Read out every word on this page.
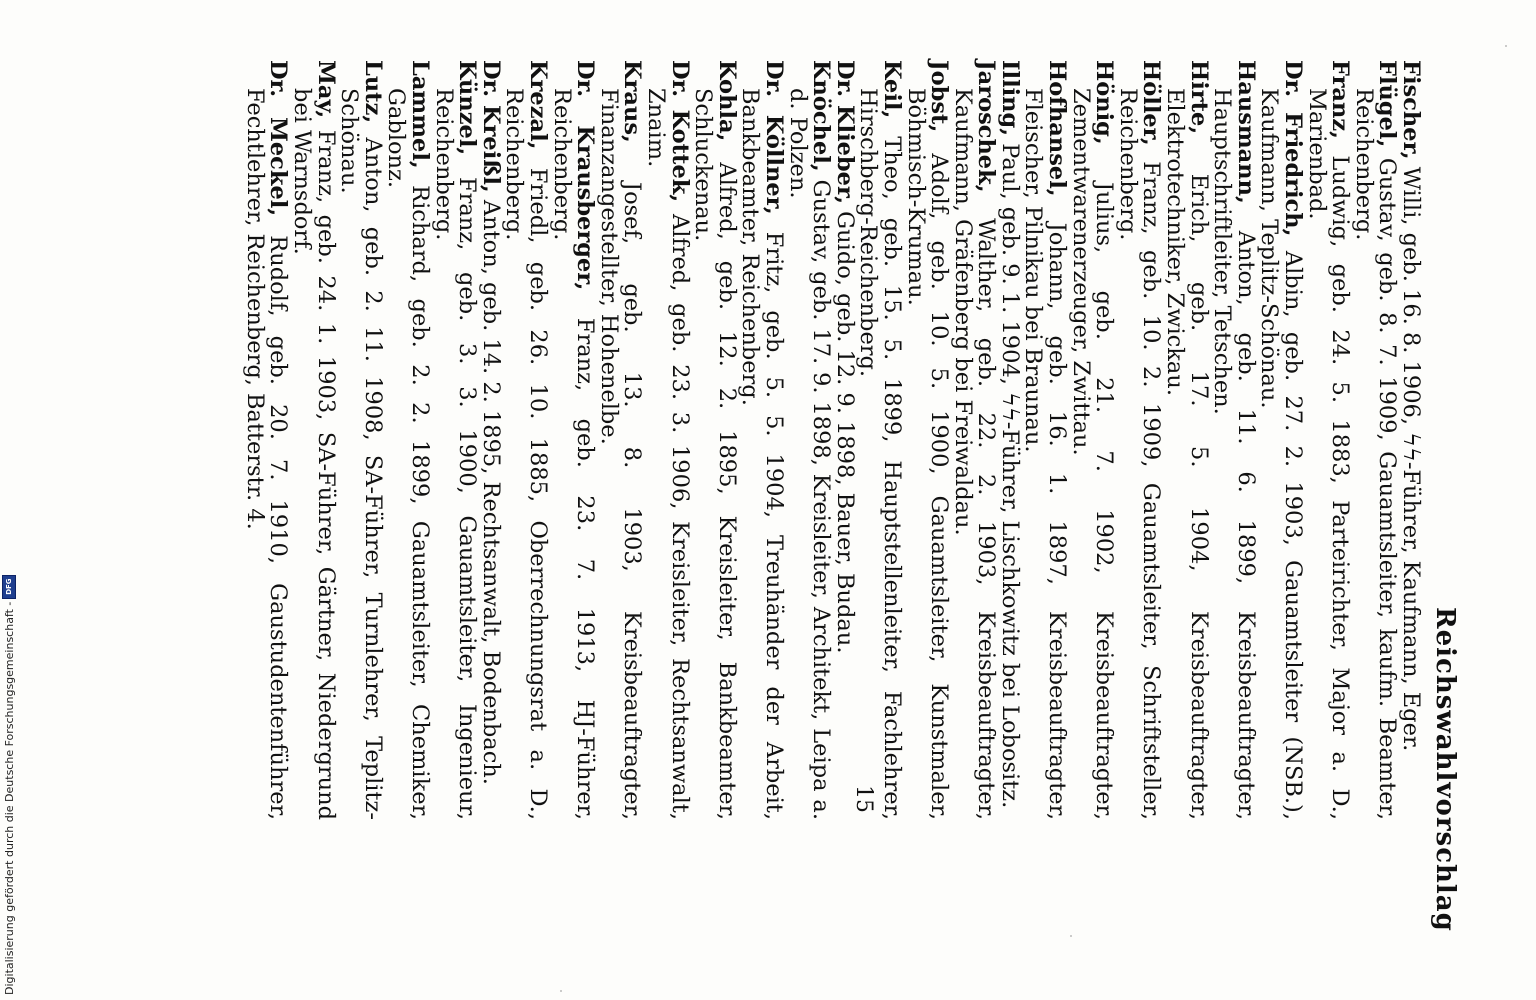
Reichswahlvorschlag

Fischer, Willi, geb. 16. 8. 1906, ϟϟ-Führer, Kaufmann, Eger.

Flügel, Gustav, geb. 8. 7. 1909, Gauamtsleiter, kaufm. Beamter, Reichenberg.

Franz, Ludwig, geb. 24. 5. 1883, Parteirichter, Major a. D., Marienbad.

Dr. Friedrich, Albin, geb. 27. 2. 1903, Gauamtsleiter (NSB.), Kaufmann, Teplitz-Schönau.

Hausmann, Anton, geb. 11. 6. 1899, Kreisbeauftragter, Hauptschriftleiter, Tetschen.

Hirte, Erich, geb. 17. 5. 1904, Kreisbeauftragter, Elektrotechniker, Zwickau.

Höller, Franz, geb. 10. 2. 1909, Gauamtsleiter, Schriftsteller, Reichenberg.

Hönig, Julius, geb. 21. 7. 1902, Kreisbeauftragter, Zementwarenerzeuger, Zwittau.

Hofhansel, Johann, geb. 16. 1. 1897, Kreisbeauftragter, Fleischer, Pilnikau bei Braunau.

Illing, Paul, geb. 9. 1. 1904, ϟϟ-Führer, Lischkowitz bei Lobositz.

Jaroschek, Walther, geb. 22. 2. 1903, Kreisbeauftragter, Kaufmann, Gräfenberg bei Freiwaldau.

Jobst, Adolf, geb. 10. 5. 1900, Gauamtsleiter, Kunstmaler, Böhmisch-Krumau.

Keil, Theo, geb. 15. 5. 1899, Hauptstellenleiter, Fachlehrer, Hirschberg-Reichenberg.

Dr. Klieber, Guido, geb. 12. 9. 1898, Bauer, Budau.

Knöchel, Gustav, geb. 17. 9. 1898, Kreisleiter, Architekt, Leipa a. d. Polzen.

Dr. Köllner, Fritz, geb. 5. 5. 1904, Treuhänder der Arbeit, Bankbeamter, Reichenberg.

Kohla, Alfred, geb. 12. 2. 1895, Kreisleiter, Bankbeamter, Schluckenau.

Dr. Kottek, Alfred, geb. 23. 3. 1906, Kreisleiter, Rechtsanwalt, Znaim.

Kraus, Josef, geb. 13. 8. 1903, Kreisbeauftragter, Finanzangestellter, Hohenelbe.

Dr. Krausberger, Franz, geb. 23. 7. 1913, HJ-Führer, Reichenberg.

Krezal, Friedl, geb. 26. 10. 1885, Oberrechnungsrat a. D., Reichenberg.

Dr. Kreißl, Anton, geb. 14. 2. 1895, Rechtsanwalt, Bodenbach.

Künzel, Franz, geb. 3. 3. 1900, Gauamtsleiter, Ingenieur, Reichenberg.

Lammel, Richard, geb. 2. 2. 1899, Gauamtsleiter, Chemiker, Gablonz.

Lutz, Anton, geb. 2. 11. 1908, SA-Führer, Turnlehrer, Teplitz-Schönau.

May, Franz, geb. 24. 1. 1903, SA-Führer, Gärtner, Niedergrund bei Warnsdorf.

Dr. Meckel, Rudolf, geb. 20. 7. 1910, Gaustudentenführer, Fechtlehrer, Reichenberg, Batterstr. 4.

15
Digitalisierung gefördert durch die Deutsche Forschungsgemeinschaft -
DFG
